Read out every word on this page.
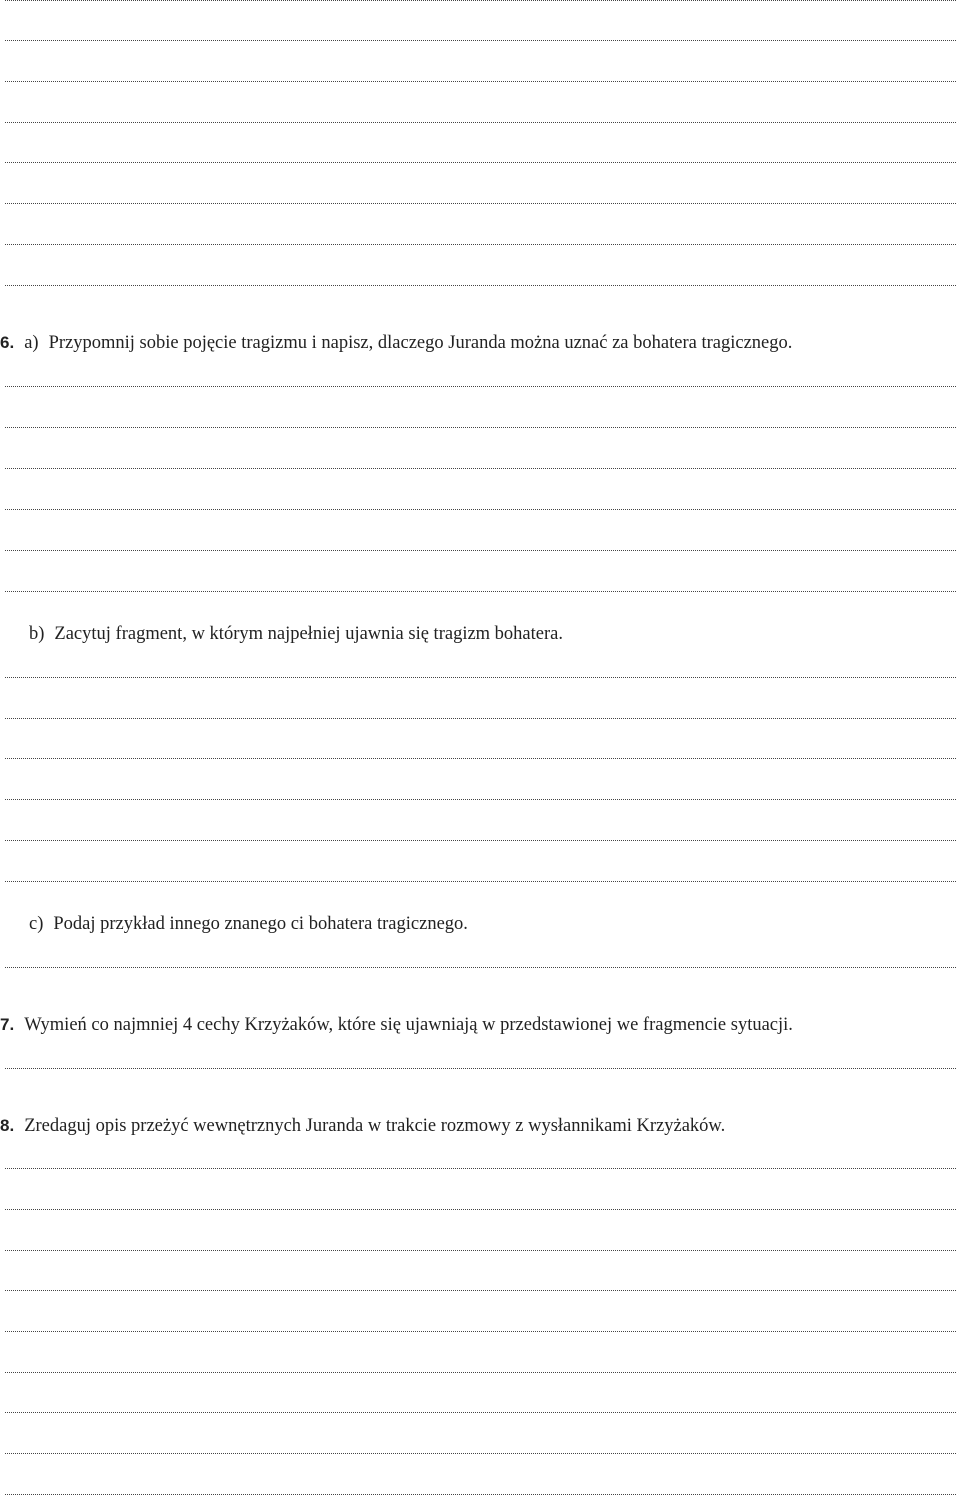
6. a) Przypomnij sobie pojęcie tragizmu i napisz, dlaczego Juranda można uznać za bohatera tragicznego.
b) Zacytuj fragment, w którym najpełniej ujawnia się tragizm bohatera.
c) Podaj przykład innego znanego ci bohatera tragicznego.
7. Wymień co najmniej 4 cechy Krzyżaków, które się ujawniają w przedstawionej we fragmencie sytuacji.
8. Zredaguj opis przeżyć wewnętrznych Juranda w trakcie rozmowy z wysłannikami Krzyżaków.
